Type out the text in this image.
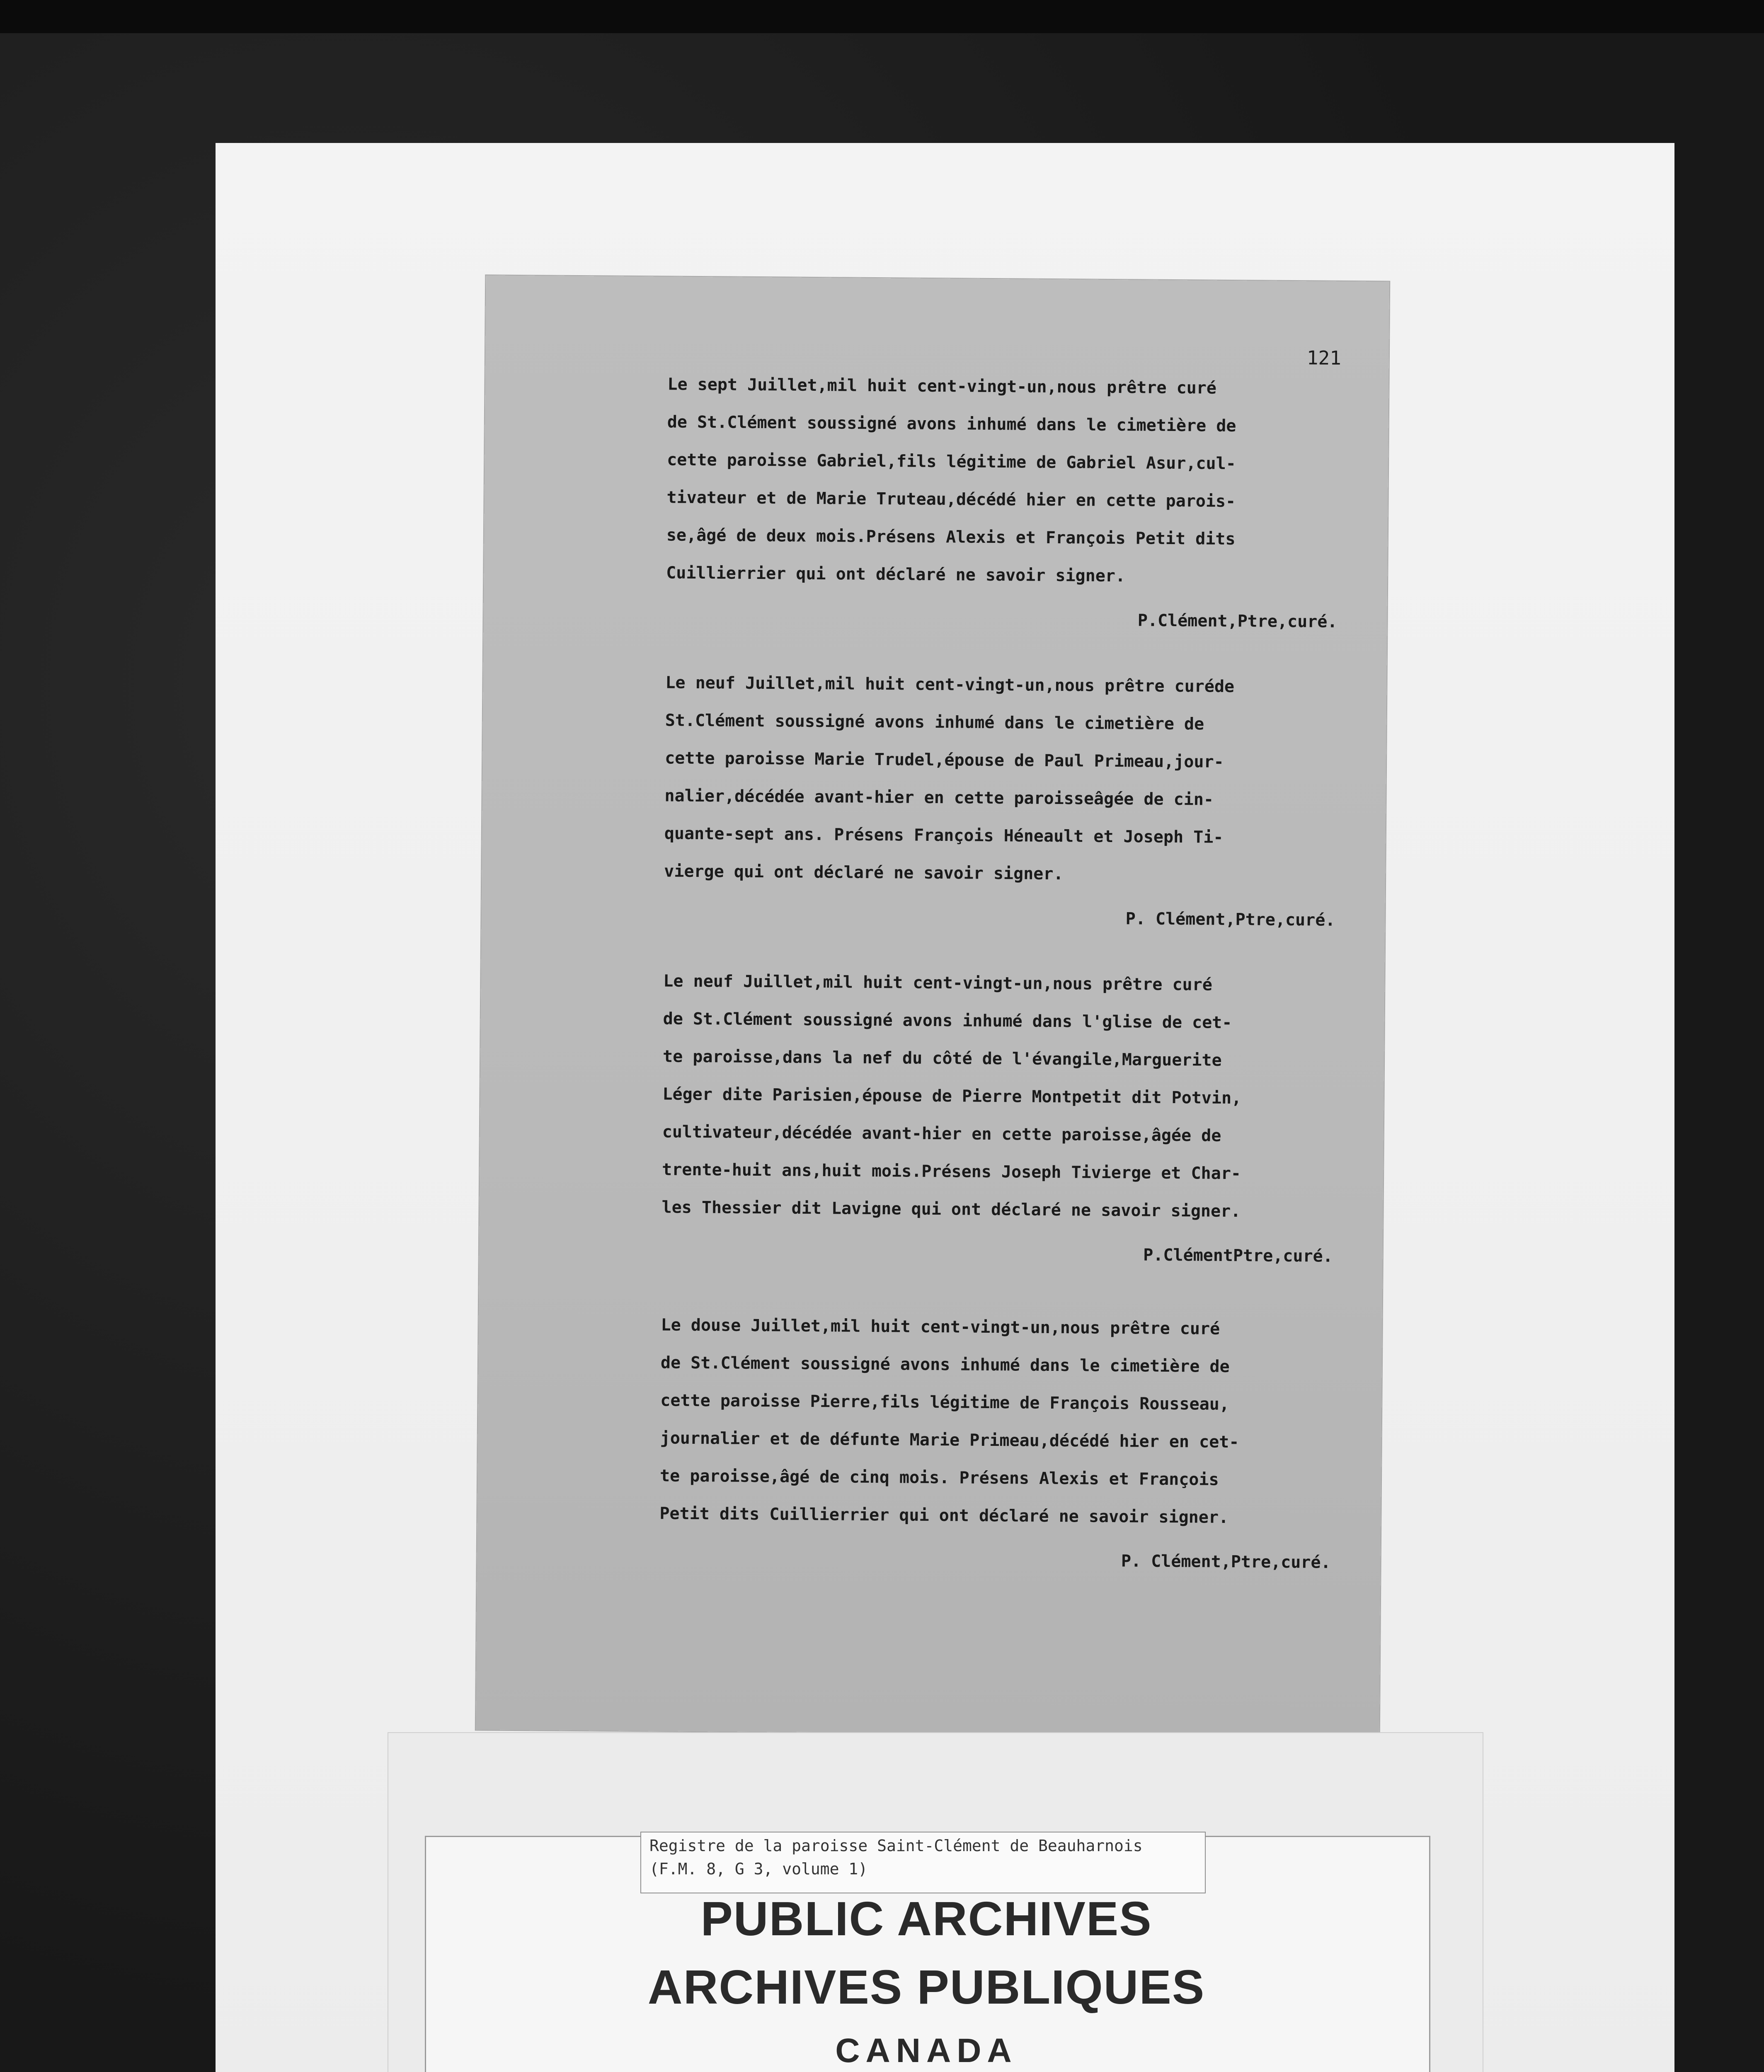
121

Le sept Juillet,mil huit cent-vingt-un,nous prêtre curé
de St.Clément soussigné avons inhumé dans le cimetière de
cette paroisse Gabriel,fils légitime de Gabriel Asur,cul-
tivateur et de Marie Truteau,décédé hier en cette parois-
se,âgé de deux mois.Présens Alexis et François Petit dits
Cuillierrier qui ont déclaré ne savoir signer.

P.Clément,Ptre,curé.

Le neuf Juillet,mil huit cent-vingt-un,nous prêtre curéde
St.Clément soussigné avons inhumé dans le cimetière de
cette paroisse Marie Trudel,épouse de Paul Primeau,jour-
nalier,décédée avant-hier en cette paroisseâgée de cin-
quante-sept ans. Présens François Héneault et Joseph Ti-
vierge qui ont déclaré ne savoir signer.

P. Clément,Ptre,curé.

Le neuf Juillet,mil huit cent-vingt-un,nous prêtre curé
de St.Clément soussigné avons inhumé dans l'glise de cet-
te paroisse,dans la nef du côté de l'évangile,Marguerite
Léger dite Parisien,épouse de Pierre Montpetit dit Potvin,
cultivateur,décédée avant-hier en cette paroisse,âgée de
trente-huit ans,huit mois.Présens Joseph Tivierge et Char-
les Thessier dit Lavigne qui ont déclaré ne savoir signer.

P.ClémentPtre,curé.

Le douse Juillet,mil huit cent-vingt-un,nous prêtre curé
de St.Clément soussigné avons inhumé dans le cimetière de
cette paroisse Pierre,fils légitime de François Rousseau,
journalier et de défunte Marie Primeau,décédé hier en cet-
te paroisse,âgé de cinq mois. Présens Alexis et François
Petit dits Cuillierrier qui ont déclaré ne savoir signer.

P. Clément,Ptre,curé.
Registre de la paroisse Saint-Clément de Beauharnois
(F.M. 8, G 3, volume 1)
PUBLIC ARCHIVES
ARCHIVES PUBLIQUES
CANADA
